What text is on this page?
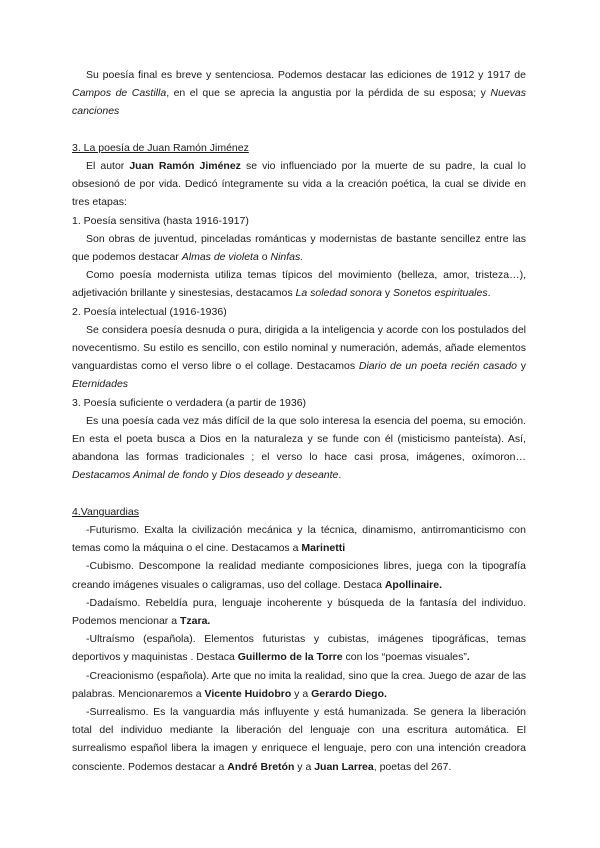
Su poesía final es breve y sentenciosa. Podemos destacar las ediciones de 1912 y 1917 de Campos de Castilla, en el que se aprecia la angustia por la pérdida de su esposa; y Nuevas canciones

3. La poesía de Juan Ramón Jiménez

El autor Juan Ramón Jiménez se vio influenciado por la muerte de su padre, la cual lo obsesionó de por vida. Dedicó íntegramente su vida a la creación poética, la cual se divide en tres etapas:

1. Poesía sensitiva (hasta 1916-1917)

Son obras de juventud, pinceladas románticas y modernistas de bastante sencillez entre las que podemos destacar Almas de violeta o Ninfas.

Como poesía modernista utiliza temas típicos del movimiento (belleza, amor, tristeza…), adjetivación brillante y sinestesias, destacamos La soledad sonora y Sonetos espirituales.

2. Poesía intelectual (1916-1936)

Se considera poesía desnuda o pura, dirigida a la inteligencia y acorde con los postulados del novecentismo. Su estilo es sencillo, con estilo nominal y numeración, además, añade elementos vanguardistas como el verso libre o el collage. Destacamos Diario de un poeta recién casado y Eternidades

3. Poesía suficiente o verdadera (a partir de 1936)

Es una poesía cada vez más difícil de la que solo interesa la esencia del poema, su emoción. En esta el poeta busca a Dios en la naturaleza y se funde con él (misticismo panteísta). Así, abandona las formas tradicionales ; el verso lo hace casi prosa, imágenes, oxímoron… Destacamos Animal de fondo y Dios deseado y deseante.

4.Vanguardias

-Futurismo. Exalta la civilización mecánica y la técnica, dinamismo, antirromanticismo con temas como la máquina o el cine. Destacamos a Marinetti

-Cubismo. Descompone la realidad mediante composiciones libres, juega con la tipografía creando imágenes visuales o caligramas, uso del collage. Destaca Apollinaire.

-Dadaísmo. Rebeldía pura, lenguaje incoherente y búsqueda de la fantasía del individuo. Podemos mencionar a Tzara.

-Ultraísmo (española). Elementos futuristas y cubistas, imágenes tipográficas, temas deportivos y maquinistas . Destaca Guillermo de la Torre con los “poemas visuales”.

-Creacionismo (española). Arte que no imita la realidad, sino que la crea. Juego de azar de las palabras. Mencionaremos a Vicente Huidobro y a Gerardo Diego.

-Surrealismo. Es la vanguardia más influyente y está humanizada. Se genera la liberación total del individuo mediante la liberación del lenguaje con una escritura automática. El surrealismo español libera la imagen y enriquece el lenguaje, pero con una intención creadora consciente. Podemos destacar a André Bretón y a Juan Larrea, poetas del 267.
